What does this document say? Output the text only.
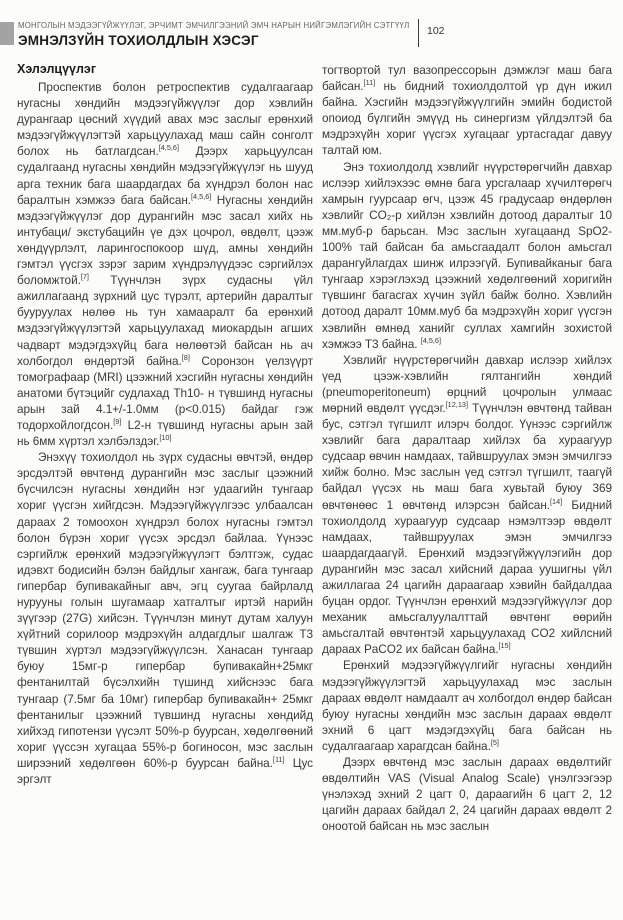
МОНГОЛЫН МЭДЭЭГҮЙЖҮҮЛЭГ, ЭРЧИМТ ЭМЧИЛГЭЭНИЙ ЭМЧ НАРЫН НИЙГЭМЛЭГИЙН СЭТГҮҮЛ
ЭМНЭЛЗҮЙН ТОХИОЛДЛЫН ХЭСЭГ
102
Хэлэлцүүлэг

Проспектив болон ретроспектив судалгаагаар нугасны хөндийн мэдээгүйжүүлэг дор хэвлийн дурангаар цөсний хүүдий авах мэс заслыг ерөнхий мэдээгүйжүүлэгтэй харьцуулахад маш сайн сонголт болох нь батлагдсан.[4,5,6] Дээрх харьцуулсан судалгаанд нугасны хөндийн мэдээгүйжүүлэг нь шууд арга техник бага шаардагдах ба хүндрэл болон нас баралтын хэмжээ бага байсан.[4,5,6] Нугасны хөндийн мэдээгүйжүүлэг дор дурангийн мэс засал хийх нь интубаци/ экстубацийн үе дэх цочрол, өвдөлт, цээж хөндүүрлэлт, ларингоспокоор шүд, амны хөндийн гэмтэл үүсгэх зэрэг зарим хүндрэлүүдээс сэргийлэх боломжтой.[7] Түүнчлэн зүрх судасны үйл ажиллагаанд зүрхний цус түрэлт, артерийн даралтыг бууруулах нөлөө нь тун хамааралт ба ерөнхий мэдээгүйжүүлэгтэй харьцуулахад миокардын агших чадварт мэдэгдэхүйц бага нөлөөтэй байсан нь ач холбогдол өндөртэй байна.[8] Соронзон үелзүүрт томографаар (MRI) цээжний хэсгийн нугасны хөндийн анатоми бүтэцийг судлахад Th10- н түвшинд нугасны арын зай 4.1+/-1.0мм (p<0.015) байдаг гэж тодорхойлогдсон.[9] L2-н түвшинд нугасны арын зай нь 6мм хүртэл хэлбэлздэг.[10]

Энэхүү тохиолдол нь зүрх судасны өвчтэй, өндөр эрсдэлтэй өвчтөнд дурангийн мэс заслыг цээжний бүсчилсэн нугасны хөндийн нэг удаагийн тунгаар хориг үүсгэн хийгдсэн. Мэдээгүйжүүлгээс улбаалсан дараах 2 томоохон хүндрэл болох нугасны гэмтэл болон бүрэн хориг үүсэх эрсдэл байлаа. Үүнээс сэргийлж ерөнхий мэдээгүйжүүлэгт бэлтгэж, судас идэвхт бодисийн бэлэн байдлыг хангаж, бага тунгаар гипербар бупивакайныг авч, эгц суугаа байрлалд нурууны голын шугамаар хатгалтыг иртэй нарийн зүүгээр (27G) хийсэн. Түүнчлэн минут дутам халуун хүйтний сорилоор мэдрэхүйн алдагдлыг шалгаж Т3 түвшин хүртэл мэдээгүйжүүлсэн. Ханасан тунгаар буюу 15мг-р гипербар бупивакайн+25мкг фентанилтай бүсэлхийн түшинд хийснээс бага тунгаар (7.5мг ба 10мг) гипербар бупивакайн+ 25мкг фентанилыг цээжний түвшинд нугасны хөндийд хийхэд гипотензи үүсэлт 50%-р буурсан, хөдөлгөөний хориг үүссэн хугацаа 55%-р богиносон, мэс заслын ширээний хөдөлгөөн 60%-р буурсан байна.[11] Цус эргэлт

тогтвортой тул вазопрессорын дэмжлэг маш бага байсан.[11] нь бидний тохиолдолтой үр дүн ижил байна. Хэсгийн мэдээгүйжүүлгийн эмийн бодистой опоиод бүлгийн эмүүд нь синергизм үйлдэлтэй ба мэдрэхүйн хориг үүсгэх хугацааг уртасгадаг давуу талтай юм.

Энэ тохиолдолд хэвлийг нүүрстөрөгчийн давхар ислээр хийлэхээс өмнө бага урсгалаар хүчилтөрөгч хамрын гуурсаар өгч, цээж 45 градусаар өндөрлөн хэвлийг CO₂-р хийлэн хэвлийн дотоод даралтыг 10 мм.муб-р барьсан. Мэс заслын хугацаанд SpO2-100% тай байсан ба амьсгаадалт болон амьсгал дарангуйлагдах шинж илрээгүй. Бупивайканыг бага тунгаар хэрэглэхэд цээжний хөдөлгөөний хоригийн түвшинг багасгах хүчин зүйл байж болно. Хэвлийн дотоод даралт 10мм.муб ба мэдрэхүйн хориг үүсгэн хэвлийн өмнөд ханийг суллах хамгийн зохистой хэмжээ Т3 байна. [4,5,6]

Хэвлийг нүүрстөрөгчийн давхар ислээр хийлэх үед цээж-хэвлийн гялтангийн хөндий (pneumoperitoneum) өрцний цочролын улмаас мөрний өвдөлт үүсдэг.[12,13] Түүнчлэн өвчтөнд тайван бус, сэтгэл түгшилт илэрч болдог. Үүнээс сэргийлж хэвлийг бага даралтаар хийлэх ба хураагуур судсаар өвчин намдаах, тайвшруулах эмэн эмчилгээ хийж болно. Мэс заслын үед сэтгэл түгшилт, таагүй байдал үүсэх нь маш бага хувьтай буюу 369 өвчтөнөөс 1 өвчтөнд илэрсэн байсан.[14] Бидний тохиолдолд хураагуур судсаар нэмэлтээр өвдөлт намдаах, тайвшруулах эмэн эмчилгээ шаардагдаагүй. Ерөнхий мэдээгүйжүүлэгийн дор дурангийн мэс засал хийсний дараа уушигны үйл ажиллагаа 24 цагийн дараагаар хэвийн байдалдаа буцан ордог. Түүнчлэн ерөнхий мэдээгүйжүүлэг дор механик амьсгалуулалттай өвчтөнг өөрийн амьсгалтай өвчтөнтэй харьцуулахад CO2 хийлсний дараах PaCO2 их байсан байна.[15]

Ерөнхий мэдээгүйжүүлгийг нугасны хөндийн мэдээгүйжүүлэгтэй харьцуулахад мэс заслын дараах өвдөлт намдаалт ач холбогдол өндөр байсан буюу нугасны хөндийн мэс заслын дараах өвдөлт эхний 6 цагт мэдэгдэхүйц бага байсан нь судалгаагаар харагдсан байна.[5]

Дээрх өвчтөнд мэс заслын дараах өвдөлтийг өвдөлтийн VAS (Visual Analog Scale) үнэлгээгээр үнэлэхэд эхний 2 цагт 0, дараагийн 6 цагт 2, 12 цагийн дараах байдал 2, 24 цагийн дараах өвдөлт 2 оноотой байсан нь мэс заслын
